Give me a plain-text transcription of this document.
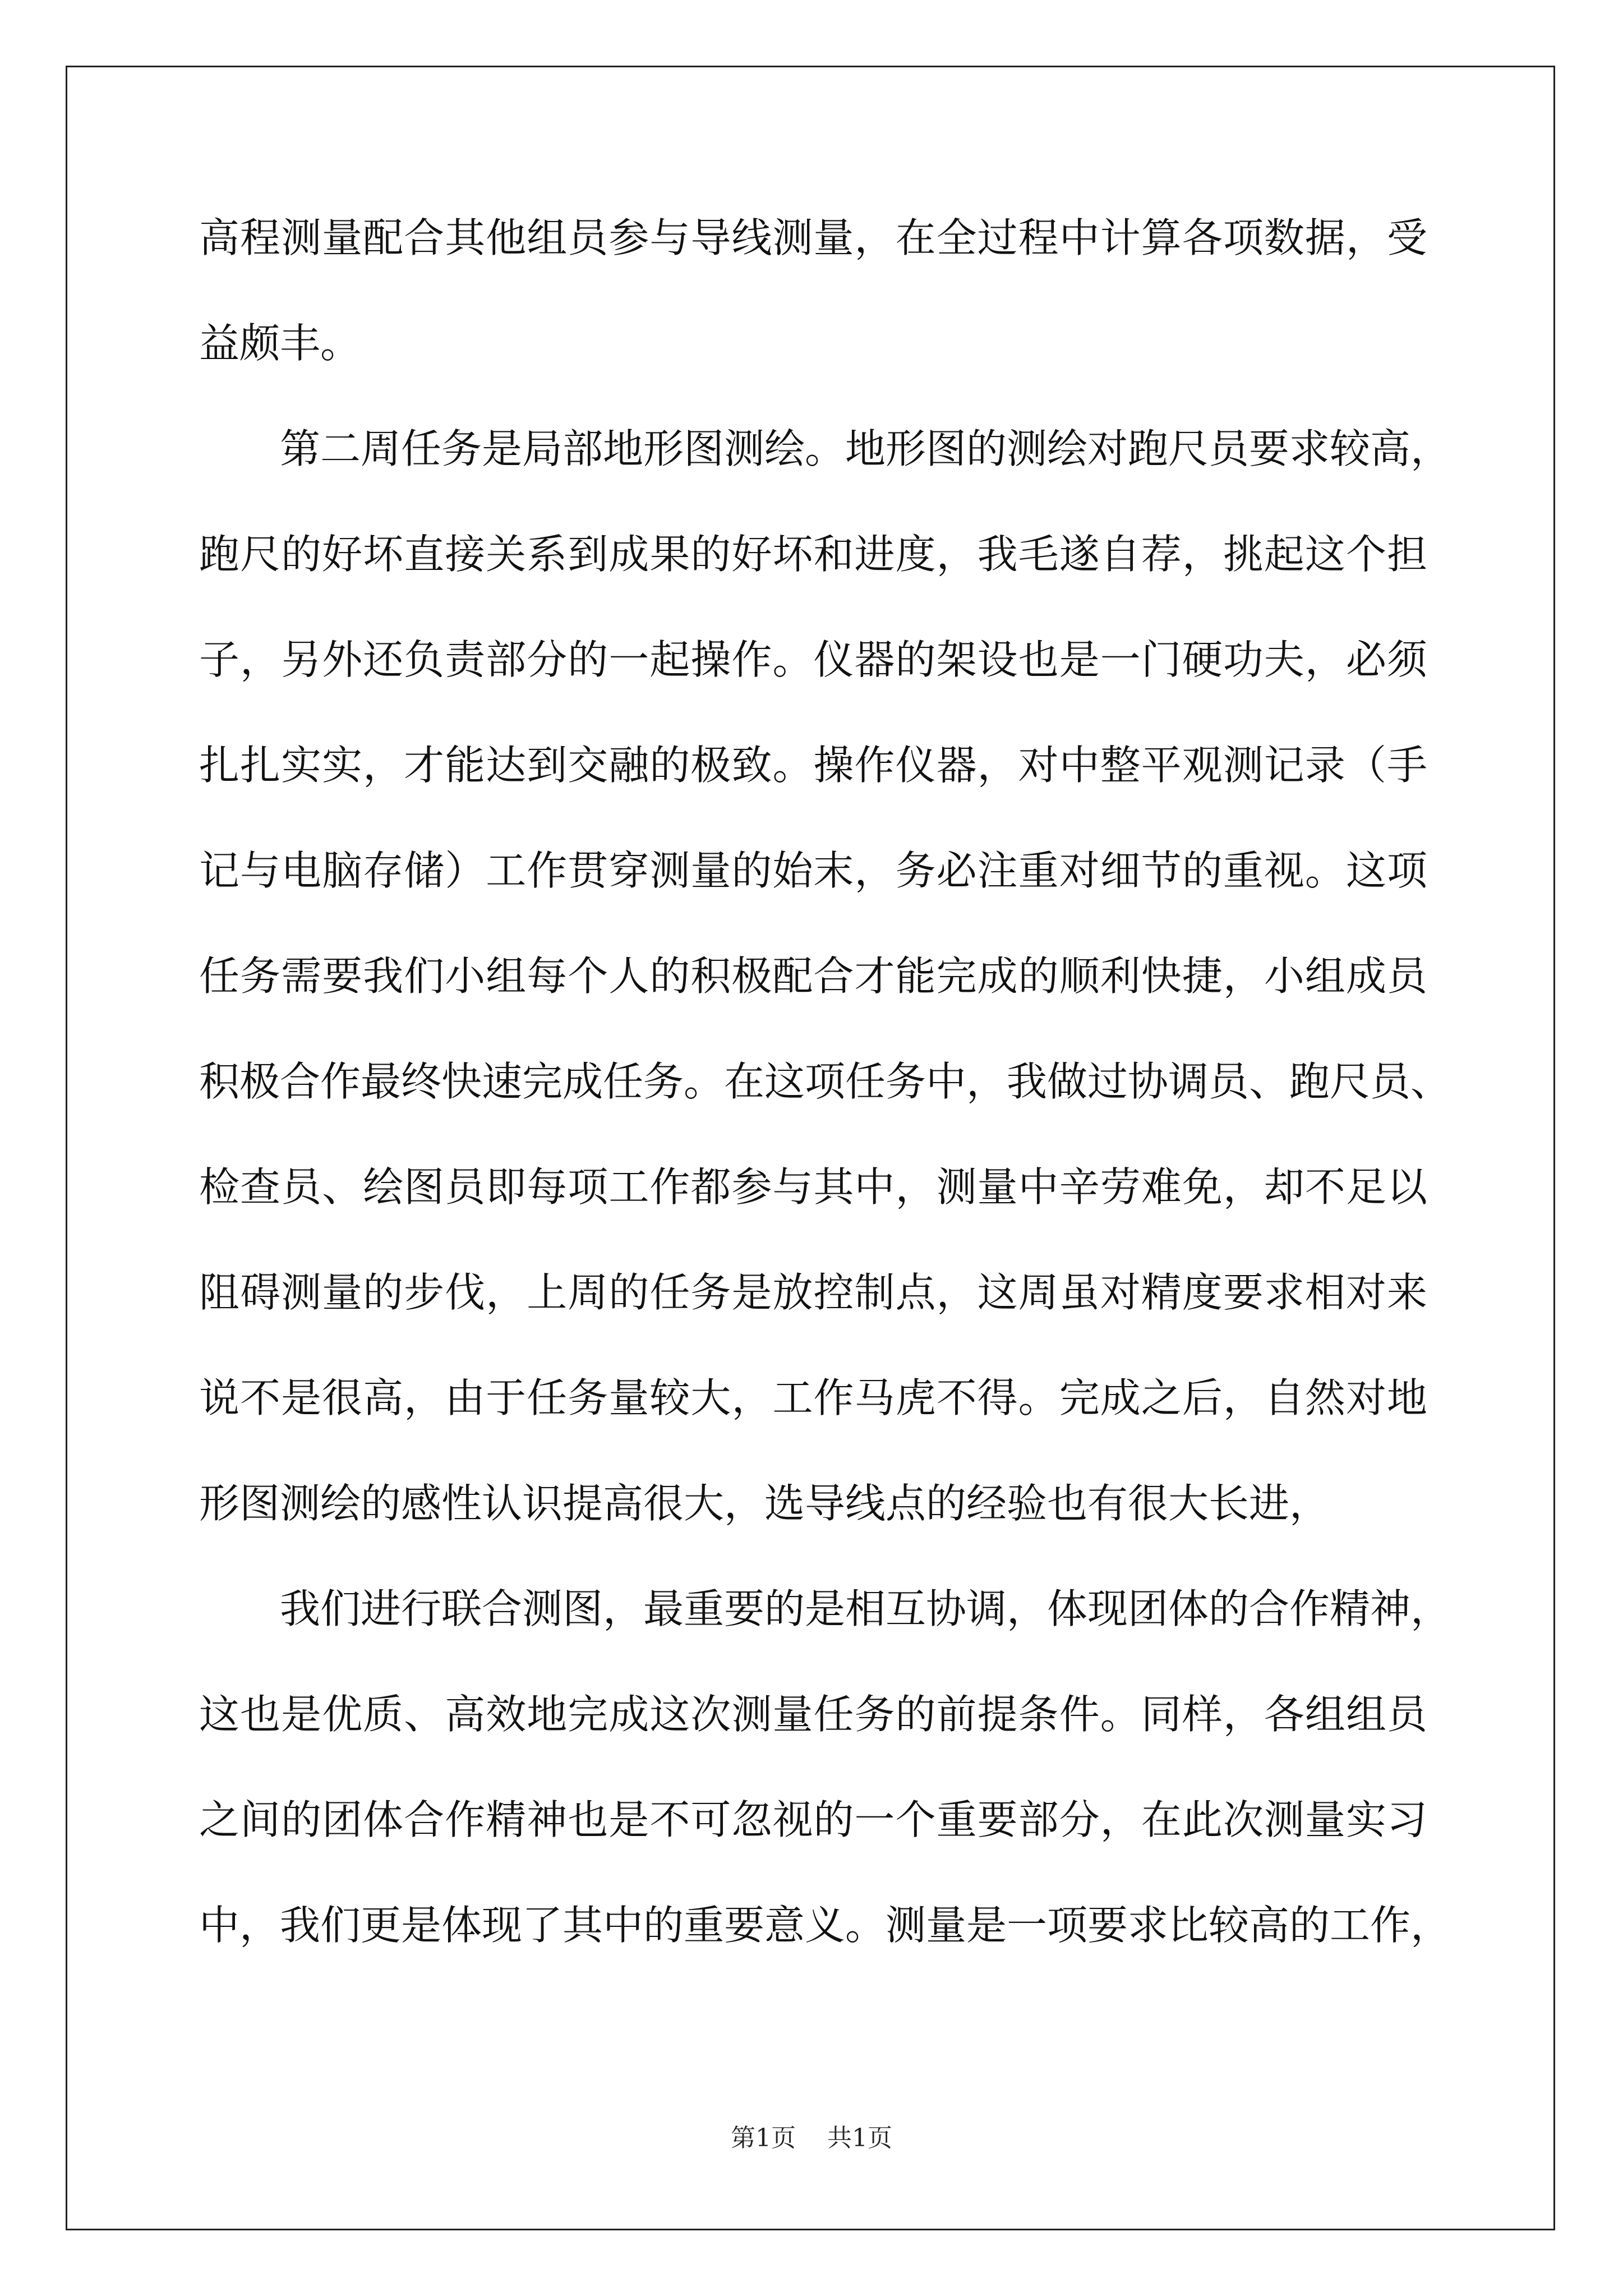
高程测量配合其他组员参与导线测量，在全过程中计算各项数据，受
益颇丰。
第二周任务是局部地形图测绘。地形图的测绘对跑尺员要求较高，
跑尺的好坏直接关系到成果的好坏和进度，我毛遂自荐，挑起这个担
子，另外还负责部分的一起操作。仪器的架设也是一门硬功夫，必须
扎扎实实，才能达到交融的极致。操作仪器，对中整平观测记录（手
记与电脑存储）工作贯穿测量的始末，务必注重对细节的重视。这项
任务需要我们小组每个人的积极配合才能完成的顺利快捷，小组成员
积极合作最终快速完成任务。在这项任务中，我做过协调员、跑尺员、
检查员、绘图员即每项工作都参与其中，测量中辛劳难免，却不足以
阻碍测量的步伐，上周的任务是放控制点，这周虽对精度要求相对来
说不是很高，由于任务量较大，工作马虎不得。完成之后，自然对地
形图测绘的感性认识提高很大，选导线点的经验也有很大长进，
我们进行联合测图，最重要的是相互协调，体现团体的合作精神，
这也是优质、高效地完成这次测量任务的前提条件。同样，各组组员
之间的团体合作精神也是不可忽视的一个重要部分，在此次测量实习
中，我们更是体现了其中的重要意义。测量是一项要求比较高的工作，
第1页    共1页
